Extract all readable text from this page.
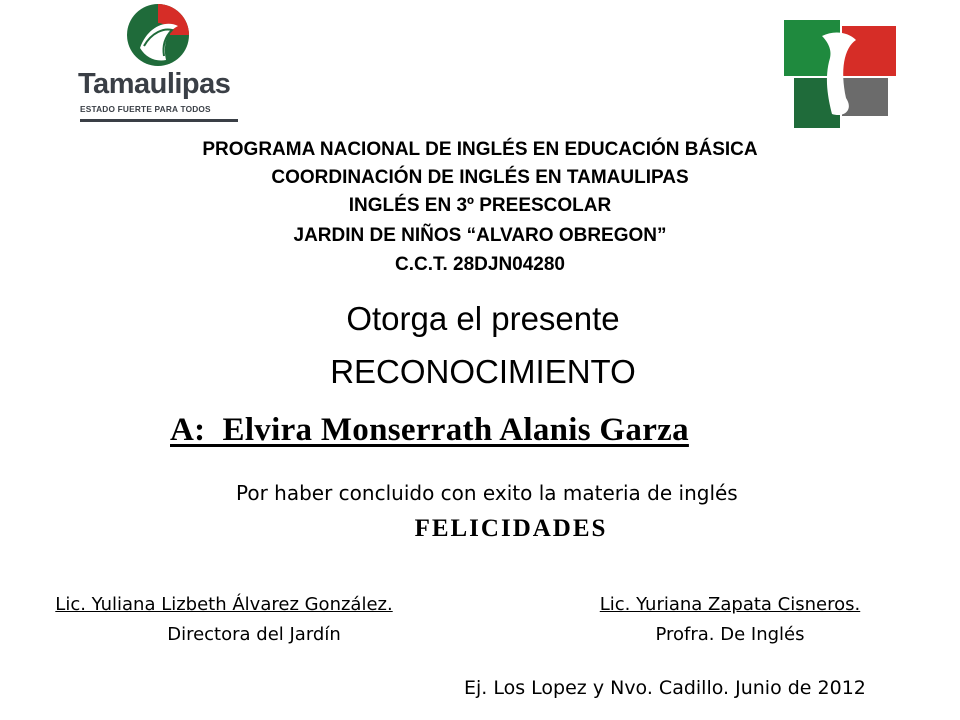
Tamaulipas
ESTADO FUERTE PARA TODOS
PROGRAMA NACIONAL DE INGLÉS EN EDUCACIÓN BÁSICA
COORDINACIÓN DE INGLÉS EN TAMAULIPAS
INGLÉS EN 3º PREESCOLAR
JARDIN DE NIÑOS “ALVARO OBREGON”
C.C.T. 28DJN04280
Otorga el presente
RECONOCIMIENTO
A:  Elvira Monserrath Alanis Garza
Por haber concluido con exito la materia de inglés
FELICIDADES
Lic. Yuliana Lizbeth Álvarez González.
Directora del Jardín
Lic. Yuriana Zapata Cisneros.
Profra. De Inglés
Ej. Los Lopez y Nvo. Cadillo. Junio de 2012
